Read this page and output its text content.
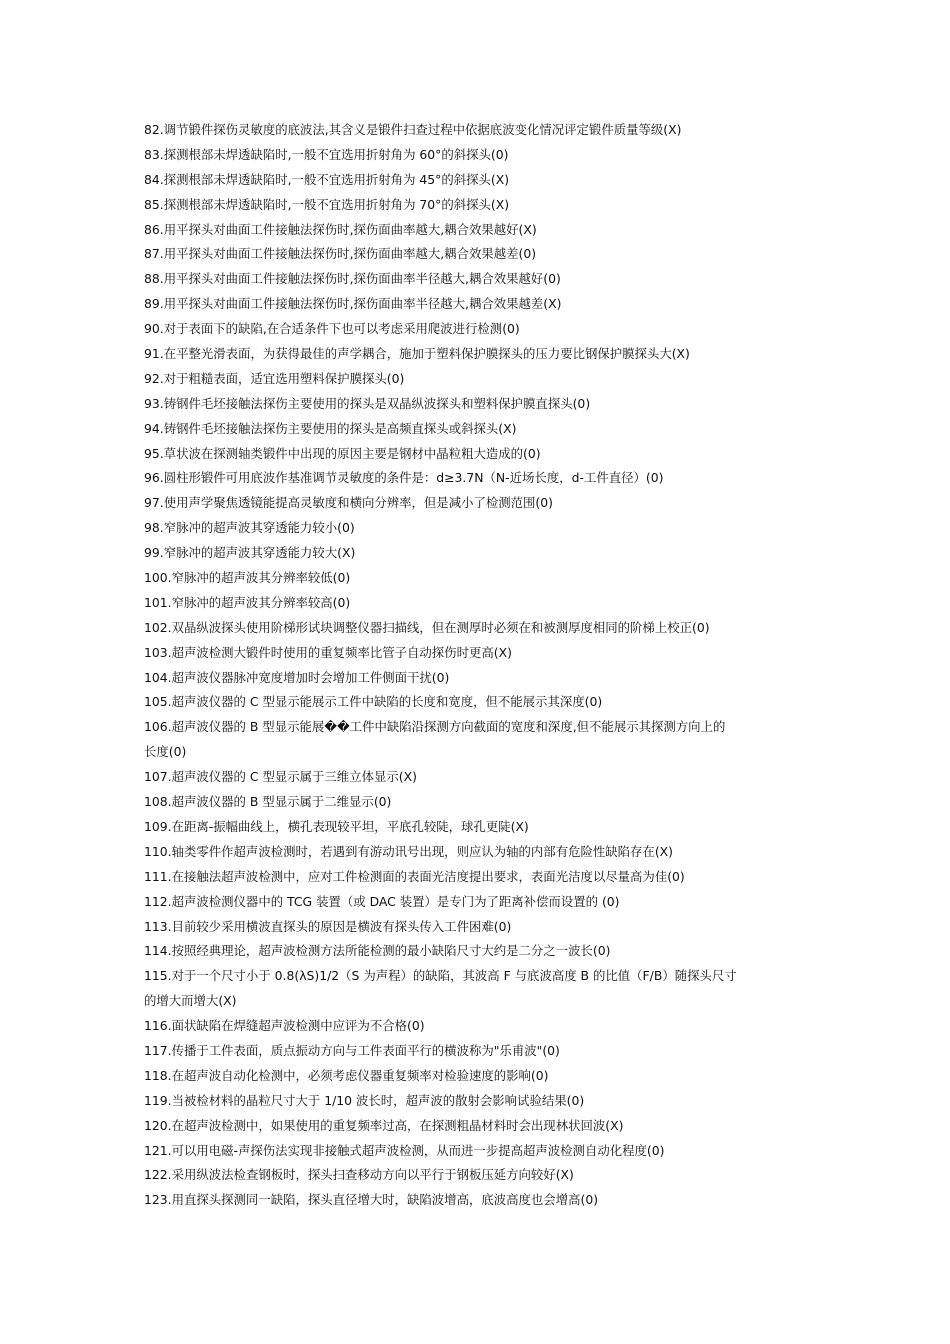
82.调节锻件探伤灵敏度的底波法,其含义是锻件扫查过程中依据底波变化情况评定锻件质量等级(X)
83.探测根部未焊透缺陷时,一般不宜选用折射角为 60°的斜探头(0)
84.探测根部未焊透缺陷时,一般不宜选用折射角为 45°的斜探头(X)
85.探测根部未焊透缺陷时,一般不宜选用折射角为 70°的斜探头(X)
86.用平探头对曲面工件接触法探伤时,探伤面曲率越大,耦合效果越好(X)
87.用平探头对曲面工件接触法探伤时,探伤面曲率越大,耦合效果越差(0)
88.用平探头对曲面工件接触法探伤时,探伤面曲率半径越大,耦合效果越好(0)
89.用平探头对曲面工件接触法探伤时,探伤面曲率半径越大,耦合效果越差(X)
90.对于表面下的缺陷,在合适条件下也可以考虑采用爬波进行检测(0)
91.在平整光滑表面，为获得最佳的声学耦合，施加于塑料保护膜探头的压力要比钢保护膜探头大(X)
92.对于粗糙表面，适宜选用塑料保护膜探头(0)
93.铸钢件毛坯接触法探伤主要使用的探头是双晶纵波探头和塑料保护膜直探头(0)
94.铸钢件毛坯接触法探伤主要使用的探头是高频直探头或斜探头(X)
95.草状波在探测轴类锻件中出现的原因主要是钢材中晶粒粗大造成的(0)
96.圆柱形锻件可用底波作基准调节灵敏度的条件是：d≥3.7N（N-近场长度，d-工件直径）(0)
97.使用声学聚焦透镜能提高灵敏度和横向分辨率，但是减小了检测范围(0)
98.窄脉冲的超声波其穿透能力较小(0)
99.窄脉冲的超声波其穿透能力较大(X)
100.窄脉冲的超声波其分辨率较低(0)
101.窄脉冲的超声波其分辨率较高(0)
102.双晶纵波探头使用阶梯形试块调整仪器扫描线，但在测厚时必须在和被测厚度相同的阶梯上校正(0)
103.超声波检测大锻件时使用的重复频率比管子自动探伤时更高(X)
104.超声波仪器脉冲宽度增加时会增加工件侧面干扰(0)
105.超声波仪器的 C 型显示能展示工件中缺陷的长度和宽度，但不能展示其深度(0)
106.超声波仪器的 B 型显示能展��工件中缺陷沿探测方向截面的宽度和深度,但不能展示其探测方向上的
长度(0)
107.超声波仪器的 C 型显示属于三维立体显示(X)
108.超声波仪器的 B 型显示属于二维显示(0)
109.在距离-振幅曲线上，横孔表现较平坦，平底孔较陡，球孔更陡(X)
110.轴类零件作超声波检测时，若遇到有游动讯号出现，则应认为轴的内部有危险性缺陷存在(X)
111.在接触法超声波检测中，应对工件检测面的表面光洁度提出要求，表面光洁度以尽量高为佳(0)
112.超声波检测仪器中的 TCG 装置（或 DAC 装置）是专门为了距离补偿而设置的 (0)
113.目前较少采用横波直探头的原因是横波有探头传入工件困难(0)
114.按照经典理论，超声波检测方法所能检测的最小缺陷尺寸大约是二分之一波长(0)
115.对于一个尺寸小于 0.8(λS)1/2（S 为声程）的缺陷，其波高 F 与底波高度 B 的比值（F/B）随探头尺寸
的增大而增大(X)
116.面状缺陷在焊缝超声波检测中应评为不合格(0)
117.传播于工件表面，质点振动方向与工件表面平行的横波称为"乐甫波"(0)
118.在超声波自动化检测中，必须考虑仪器重复频率对检验速度的影响(0)
119.当被检材料的晶粒尺寸大于 1/10 波长时，超声波的散射会影响试验结果(0)
120.在超声波检测中，如果使用的重复频率过高，在探测粗晶材料时会出现林状回波(X)
121.可以用电磁-声探伤法实现非接触式超声波检测，从而进一步提高超声波检测自动化程度(0)
122.采用纵波法检查钢板时，探头扫查移动方向以平行于钢板压延方向较好(X)
123.用直探头探测同一缺陷，探头直径增大时，缺陷波增高，底波高度也会增高(0)
